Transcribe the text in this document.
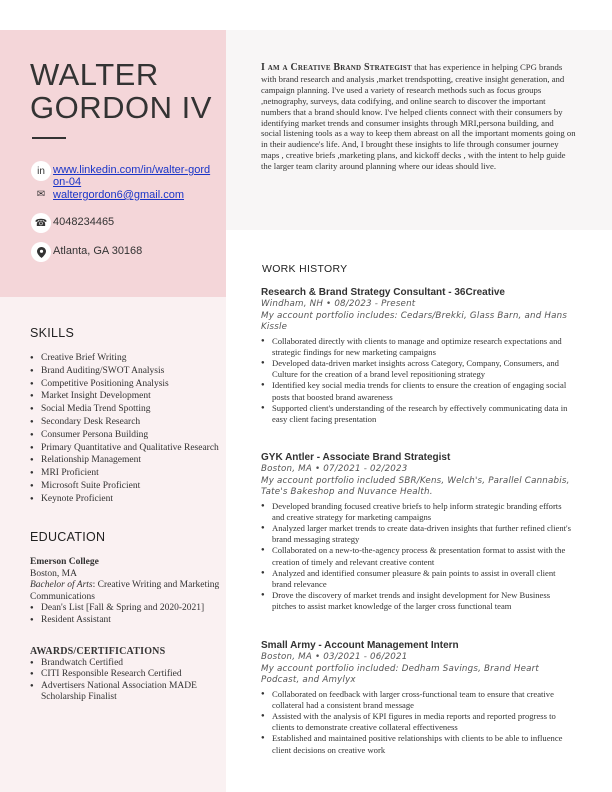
WALTER
GORDON IV
in www.linkedin.com/in/walter-gordon-04
✉ waltergordon6@gmail.com
☎ 4048234465
Atlanta, GA 30168
SKILLS
● Creative Brief Writing
● Brand Auditing/SWOT Analysis
● Competitive Positioning Analysis
● Market Insight Development
● Social Media Trend Spotting
● Secondary Desk Research
● Consumer Persona Building
● Primary Quantitative and Qualitative Research
● Relationship Management
● MRI Proficient
● Microsoft Suite Proficient
● Keynote Proficient
EDUCATION
Emerson College
Boston, MA
Bachelor of Arts: Creative Writing and Marketing Communications
● Dean's List [Fall & Spring and 2020-2021]
● Resident Assistant
AWARDS/CERTIFICATIONS
● Brandwatch Certified
● CITI Responsible Research Certified
● Advertisers National Association MADE Scholarship Finalist
I am a Creative Brand Strategist that has experience in helping CPG brands with brand research and analysis ,market trendspotting, creative insight generation, and campaign planning. I've used a variety of research methods such as focus groups ,netnography, surveys, data codifying, and online search to discover the important numbers that a brand should know. I've helped clients connect with their consumers by identifying market trends and consumer insights through MRI,persona building, and social listening tools as a way to keep them abreast on all the important moments going on in their audience's life. And, I brought these insights to life through consumer journey maps , creative briefs ,marketing plans, and kickoff decks , with the intent to help guide the larger team clarity around planning where our ideas should live.
WORK HISTORY
Research & Brand Strategy Consultant - 36Creative
Windham, NH • 08/2023 - Present
My account portfolio includes: Cedars/Brekki, Glass Barn, and Hans Kissle
● Collaborated directly with clients to manage and optimize research expectations and strategic findings for new marketing campaigns
● Developed data-driven market insights across Category, Company, Consumers, and Culture for the creation of a brand level repositioning strategy
● Identified key social media trends for clients to ensure the creation of engaging social posts that boosted brand awareness
● Supported client's understanding of the research by effectively communicating data in easy client facing presentation
GYK Antler - Associate Brand Strategist
Boston, MA • 07/2021 - 02/2023
My account portfolio included SBR/Kens, Welch's, Parallel Cannabis, Tate's Bakeshop and Nuvance Health.
● Developed branding focused creative briefs to help inform strategic branding efforts and creative strategy for marketing campaigns
● Analyzed larger market trends to create data-driven insights that further refined client's brand messaging strategy
● Collaborated on a new-to-the-agency process & presentation format to assist with the creation of timely and relevant creative content
● Analyzed and identified consumer pleasure & pain points to assist in overall client brand relevance
● Drove the discovery of market trends and insight development for New Business pitches to assist market knowledge of the larger cross functional team
Small Army - Account Management Intern
Boston, MA • 03/2021 - 06/2021
My account portfolio included: Dedham Savings, Brand Heart Podcast, and Amylyx
● Collaborated on feedback with larger cross-functional team to ensure that creative collateral had a consistent brand message
● Assisted with the analysis of KPI figures in media reports and reported progress to clients to demonstrate creative collateral effectiveness
● Established and maintained positive relationships with clients to be able to influence client decisions on creative work
